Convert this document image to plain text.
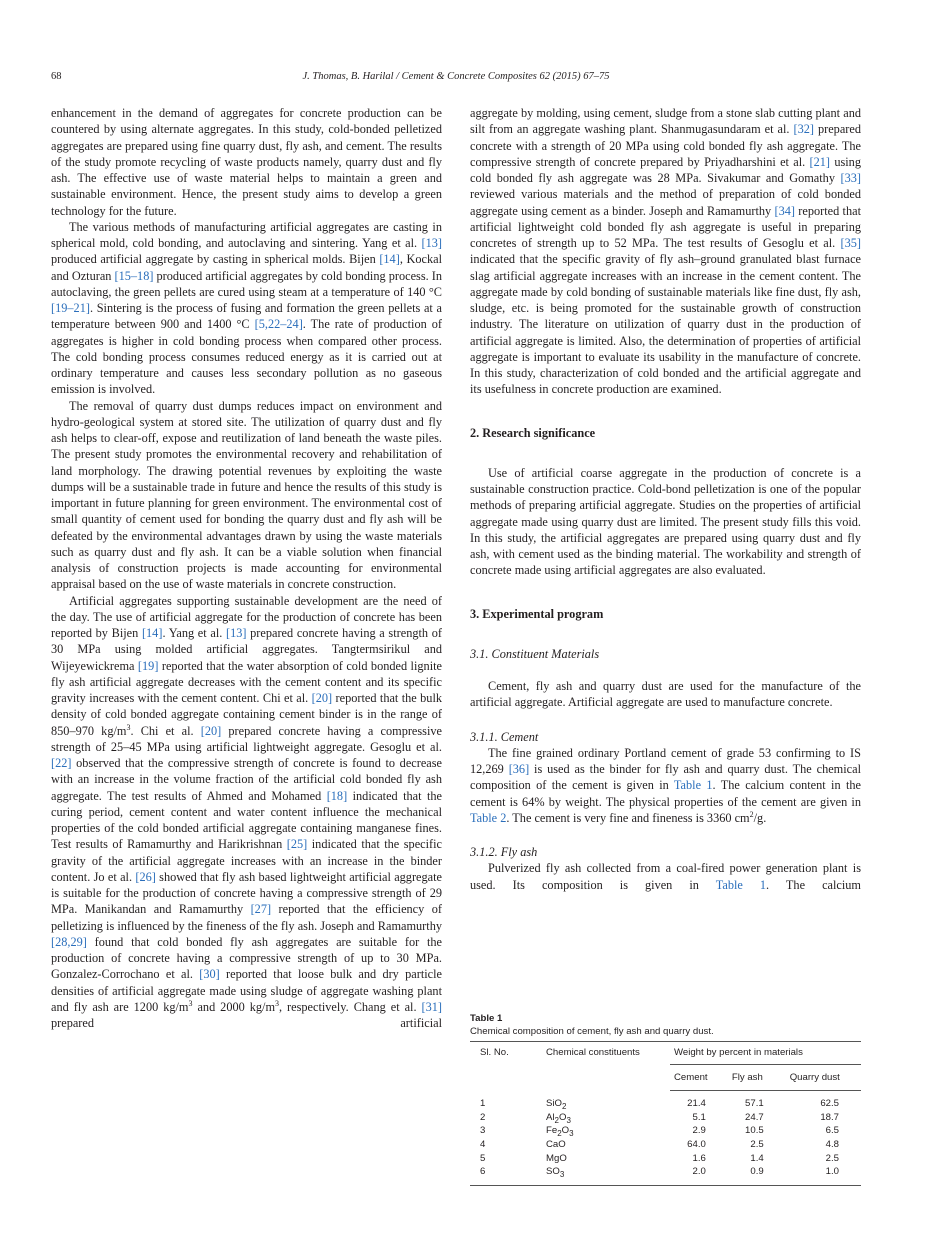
68	J. Thomas, B. Harilal / Cement & Concrete Composites 62 (2015) 67–75

enhancement in the demand of aggregates for concrete production can be countered by using alternate aggregates. In this study, cold-bonded pelletized aggregates are prepared using fine quarry dust, fly ash, and cement. The results of the study promote recycling of waste products namely, quarry dust and fly ash. The effective use of waste material helps to maintain a green and sustainable environment. Hence, the present study aims to develop a green technology for the future.

The various methods of manufacturing artificial aggregates are casting in spherical mold, cold bonding, and autoclaving and sintering. Yang et al. [13] produced artificial aggregate by casting in spherical molds. Bijen [14], Kockal and Ozturan [15–18] produced artificial aggregates by cold bonding process. In autoclaving, the green pellets are cured using steam at a temperature of 140 °C [19–21]. Sintering is the process of fusing and formation the green pellets at a temperature between 900 and 1400 °C [5,22–24]. The rate of production of aggregates is higher in cold bonding process when compared other process. The cold bonding process consumes reduced energy as it is carried out at ordinary temperature and causes less secondary pollution as no gaseous emission is involved.

The removal of quarry dust dumps reduces impact on environment and hydro-geological system at stored site. The utilization of quarry dust and fly ash helps to clear-off, expose and reutilization of land beneath the waste piles. The present study promotes the environmental recovery and rehabilitation of land morphology. The drawing potential revenues by exploiting the waste dumps will be a sustainable trade in future and hence the results of this study is important in future planning for green environment. The environmental cost of small quantity of cement used for bonding the quarry dust and fly ash will be defeated by the environmental advantages drawn by using the waste materials such as quarry dust and fly ash. It can be a viable solution when financial analysis of construction projects is made accounting for environmental appraisal based on the use of waste materials in concrete construction.

Artificial aggregates supporting sustainable development are the need of the day. The use of artificial aggregate for the production of concrete has been reported by Bijen [14]. Yang et al. [13] prepared concrete having a strength of 30 MPa using molded artificial aggregates. Tangtermsirikul and Wijeyewickrema [19] reported that the water absorption of cold bonded lignite fly ash artificial aggregate decreases with the cement content and its specific gravity increases with the cement content. Chi et al. [20] reported that the bulk density of cold bonded aggregate containing cement binder is in the range of 850–970 $kg/m^3$. Chi et al. [20] prepared concrete having a compressive strength of 25–45 MPa using artificial lightweight aggregate. Gesoglu et al. [22] observed that the compressive strength of concrete is found to decrease with an increase in the volume fraction of the artificial cold bonded fly ash aggregate. The test results of Ahmed and Mohamed [18] indicated that the curing period, cement content and water content influence the mechanical properties of the cold bonded artificial aggregate containing manganese fines. Test results of Ramamurthy and Harikrishnan [25] indicated that the specific gravity of the artificial aggregate increases with an increase in the binder content. Jo et al. [26] showed that fly ash based lightweight artificial aggregate is suitable for the production of concrete having a compressive strength of 29 MPa. Manikandan and Ramamurthy [27] reported that the efficiency of pelletizing is influenced by the fineness of the fly ash. Joseph and Ramamurthy [28,29] found that cold bonded fly ash aggregates are suitable for the production of concrete having a compressive strength of up to 30 MPa. Gonzalez-Corrochano et al. [30] reported that loose bulk and dry particle densities of artificial aggregate made using sludge of aggregate washing plant and fly ash are 1200 $kg/m^3$ and 2000 $kg/m^3$, respectively. Chang et al. [31] prepared artificial

aggregate by molding, using cement, sludge from a stone slab cutting plant and silt from an aggregate washing plant. Shanmugasundaram et al. [32] prepared concrete with a strength of 20 MPa using cold bonded fly ash aggregate. The compressive strength of concrete prepared by Priyadharshini et al. [21] using cold bonded fly ash aggregate was 28 MPa. Sivakumar and Gomathy [33] reviewed various materials and the method of preparation of cold bonded aggregate using cement as a binder. Joseph and Ramamurthy [34] reported that artificial lightweight cold bonded fly ash aggregate is useful in preparing concretes of strength up to 52 MPa. The test results of Gesoglu et al. [35] indicated that the specific gravity of fly ash–ground granulated blast furnace slag artificial aggregate increases with an increase in the cement content. The aggregate made by cold bonding of sustainable materials like fine dust, fly ash, sludge, etc. is being promoted for the sustainable growth of construction industry. The literature on utilization of quarry dust in the production of artificial aggregate is limited. Also, the determination of properties of artificial aggregate is important to evaluate its usability in the manufacture of concrete. In this study, characterization of cold bonded and the artificial aggregate and its usefulness in concrete production are examined.

2. Research significance

Use of artificial coarse aggregate in the production of concrete is a sustainable construction practice. Cold-bond pelletization is one of the popular methods of preparing artificial aggregate. Studies on the properties of artificial aggregate made using quarry dust are limited. The present study fills this void. In this study, the artificial aggregates are prepared using quarry dust and fly ash, with cement used as the binding material. The workability and strength of concrete made using artificial aggregates are also evaluated.

3. Experimental program
3.1. Constituent Materials

Cement, fly ash and quarry dust are used for the manufacture of the artificial aggregate. Artificial aggregate are used to manufacture concrete.

3.1.1. Cement

The fine grained ordinary Portland cement of grade 53 confirming to IS 12,269 [36] is used as the binder for fly ash and quarry dust. The chemical composition of the cement is given in Table 1. The calcium content in the cement is 64% by weight. The physical properties of the cement are given in Table 2. The cement is very fine and fineness is 3360 $cm^2/g$.

3.1.2. Fly ash

Pulverized fly ash collected from a coal-fired power generation plant is used. Its composition is given in Table 1. The calcium

Table 1
Chemical composition of cement, fly ash and quarry dust.
Sl. No.	Chemical constituents	Weight by percent in materials		
		Cement	Fly ash	Quarry dust
1	SiO$_2$	21.4	57.1	62.5
2	$Al_2O_3$	5.1	24.7	18.7
3	$Fe_2O_3$	2.9	10.5	6.5
4	CaO	64.0	2.5	4.8
5	MgO	1.6	1.4	2.5
6	$SO_3$	2.0	0.9	1.0
